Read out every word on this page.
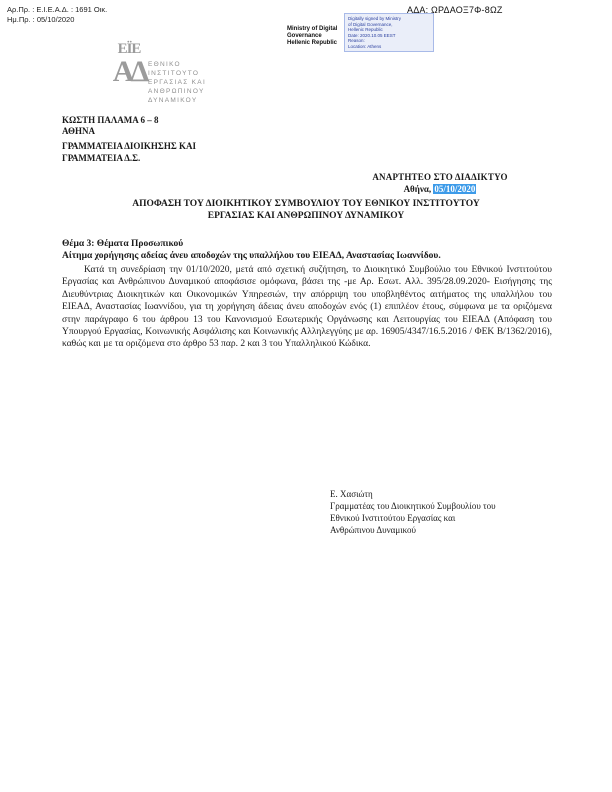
Αρ.Πρ. : Ε.Ι.Ε.Α.Δ. : 1691 Οικ.
Ημ.Πρ. : 05/10/2020
ΑΔΑ: ΩΡΔΑΟΞ7Φ-8ΩΖ
Ministry of Digital
Governance
Hellenic Republic
Digitally signed by Ministry
of Digital Governance,
Hellenic Republic
Date: 2020.10.05 EEST
Reason:
Location: Athens
ΕΪΕ
ΑΔ ΕΘΝΙΚΟ
ΙΝΣΤΙΤΟΥΤΟ
ΕΡΓΑΣΙΑΣ ΚΑΙ
ΑΝΘΡΩΠΙΝΟΥ
ΔΥΝΑΜΙΚΟΥ
ΚΩΣΤΗ ΠΑΛΑΜΑ 6 – 8
ΑΘΗΝΑ
ΓΡΑΜΜΑΤΕΙΑ ΔΙΟΙΚΗΣΗΣ ΚΑΙ
ΓΡΑΜΜΑΤΕΙΑ Δ.Σ.
ΑΝΑΡΤΗΤΕΟ ΣΤΟ ΔΙΑΔΙΚΤΥΟ
Αθήνα, 05/10/2020
ΑΠΟΦΑΣΗ ΤΟΥ ΔΙΟΙΚΗΤΙΚΟΥ ΣΥΜΒΟΥΛΙΟΥ ΤΟΥ ΕΘΝΙΚΟΥ ΙΝΣΤΙΤΟΥΤΟΥ
ΕΡΓΑΣΙΑΣ ΚΑΙ ΑΝΘΡΩΠΙΝΟΥ ΔΥΝΑΜΙΚΟΥ
Θέμα 3: Θέματα Προσωπικού
Αίτημα χορήγησης αδείας άνευ αποδοχών της υπαλλήλου του ΕΙΕΑΔ, Αναστασίας Ιωαννίδου.
Κατά τη συνεδρίαση την 01/10/2020, μετά από σχετική συζήτηση, το Διοικητικό Συμβούλιο του Εθνικού Ινστιτούτου Εργασίας και Ανθρώπινου Δυναμικού αποφάσισε ομόφωνα, βάσει της -με Αρ. Εσωτ. Αλλ. 395/28.09.2020- Εισήγησης της Διευθύντριας Διοικητικών και Οικονομικών Υπηρεσιών, την απόρριψη του υποβληθέντος αιτήματος της υπαλλήλου του ΕΙΕΑΔ, Αναστασίας Ιωαννίδου, για τη χορήγηση άδειας άνευ αποδοχών ενός (1) επιπλέον έτους, σύμφωνα με τα οριζόμενα στην παράγραφο 6 του άρθρου 13 του Κανονισμού Εσωτερικής Οργάνωσης και Λειτουργίας του ΕΙΕΑΔ (Απόφαση του Υπουργού Εργασίας, Κοινωνικής Ασφάλισης και Κοινωνικής Αλληλεγγύης με αρ. 16905/4347/16.5.2016 / ΦΕΚ Β/1362/2016), καθώς και με τα οριζόμενα στο άρθρο 53 παρ. 2 και 3 του Υπαλληλικού Κώδικα.
Ε. Χασιώτη
Γραμματέας του Διοικητικού Συμβουλίου του
Εθνικού Ινστιτούτου Εργασίας και
Ανθρώπινου Δυναμικού
